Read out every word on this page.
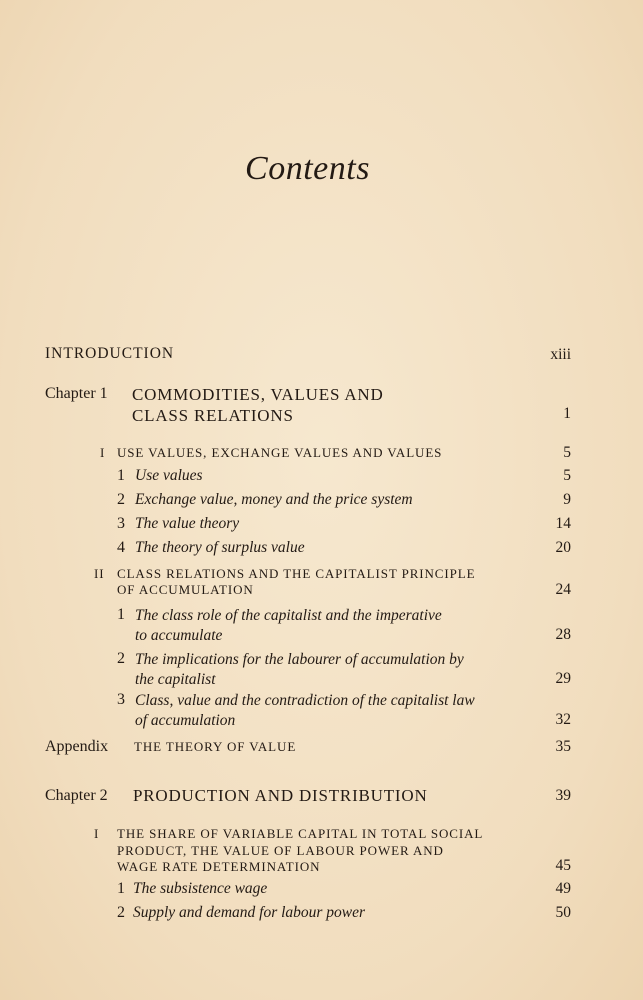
Contents
INTRODUCTION	xiii
Chapter 1 COMMODITIES, VALUES AND
CLASS RELATIONS	1
I USE VALUES, EXCHANGE VALUES AND VALUES	5
1 Use values	5
2 Exchange value, money and the price system	9
3 The value theory	14
4 The theory of surplus value	20
II CLASS RELATIONS AND THE CAPITALIST PRINCIPLE
OF ACCUMULATION	24
1 The class role of the capitalist and the imperative
to accumulate	28
2 The implications for the labourer of accumulation by
the capitalist	29
3 Class, value and the contradiction of the capitalist law
of accumulation	32
Appendix THE THEORY OF VALUE	35
Chapter 2 PRODUCTION AND DISTRIBUTION	39
I THE SHARE OF VARIABLE CAPITAL IN TOTAL SOCIAL
PRODUCT, THE VALUE OF LABOUR POWER AND
WAGE RATE DETERMINATION	45
1 The subsistence wage	49
2 Supply and demand for labour power	50
